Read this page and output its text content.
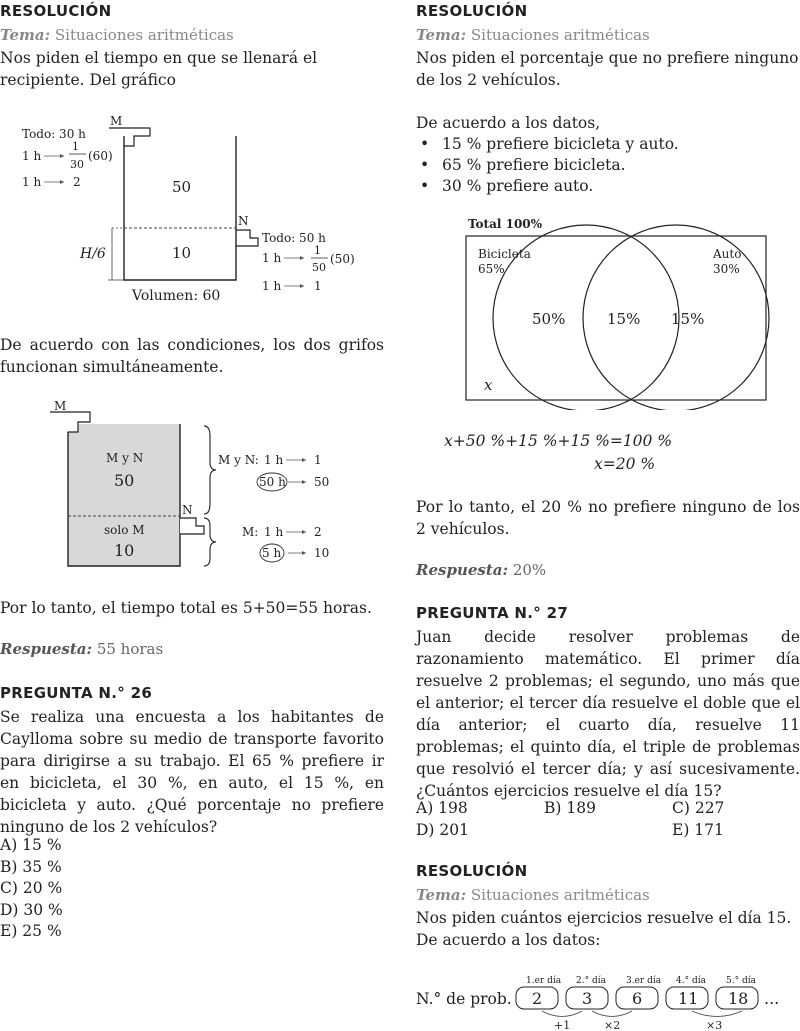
RESOLUCIÓN
Tema: Situaciones aritméticas
Nos piden el tiempo en que se llenará el recipiente. Del gráfico
M
N
Todo: 30 h
1 h
1
30
(60)
1 h	2	50
10
H/6
Todo: 50 h
1 h
1
50
(50)
1 h	1
Volumen: 60
De acuerdo con las condiciones, los dos grifos funcionan simultáneamente.
M
N
M y N
50
solo M
10
M y N: 1 h	1
50 h 50
M: 1 h	2
5 h	10
Por lo tanto, el tiempo total es 5+50=55 horas.
Respuesta: 55 horas
PREGUNTA N.° 26
Se realiza una encuesta a los habitantes de Caylloma sobre su medio de transporte favorito para dirigirse a su trabajo. El 65 % prefiere ir en bicicleta, el 30 %, en auto, el 15 %, en bicicleta y auto. ¿Qué porcentaje no prefiere ninguno de los 2 vehículos?
A) 15 %
B) 35 %
C) 20 %
D) 30 %
E) 25 %
RESOLUCIÓN
Tema: Situaciones aritméticas
Nos piden el porcentaje que no prefiere ninguno de los 2 vehículos.
De acuerdo a los datos,
• 15 % prefiere bicicleta y auto.
• 65 % prefiere bicicleta.
• 30 % prefiere auto.
Total 100%
Bicicleta
65%
Auto
30%
50%	15% 15%
x
x+50 %+15 %+15 %=100 %
x=20 %
Por lo tanto, el 20 % no prefiere ninguno de los 2 vehículos.
Respuesta: 20%
PREGUNTA N.° 27
Juan decide resolver problemas de razonamiento matemático. El primer día resuelve 2 problemas; el segundo, uno más que el anterior; el tercer día resuelve el doble que el día anterior; el cuarto día, resuelve 11 problemas; el quinto día, el triple de problemas que resolvió el tercer día; y así sucesivamente. ¿Cuántos ejercicios resuelve el día 15?
A) 198	B) 189	C) 227
D) 201	E) 171
RESOLUCIÓN
Tema: Situaciones aritméticas
Nos piden cuántos ejercicios resuelve el día 15.
De acuerdo a los datos:
N.° de prob.
1.er día 2.° día 3.er día 4.° día 5.° día
2 3 6 11 18 ...
+1	×2	×3
